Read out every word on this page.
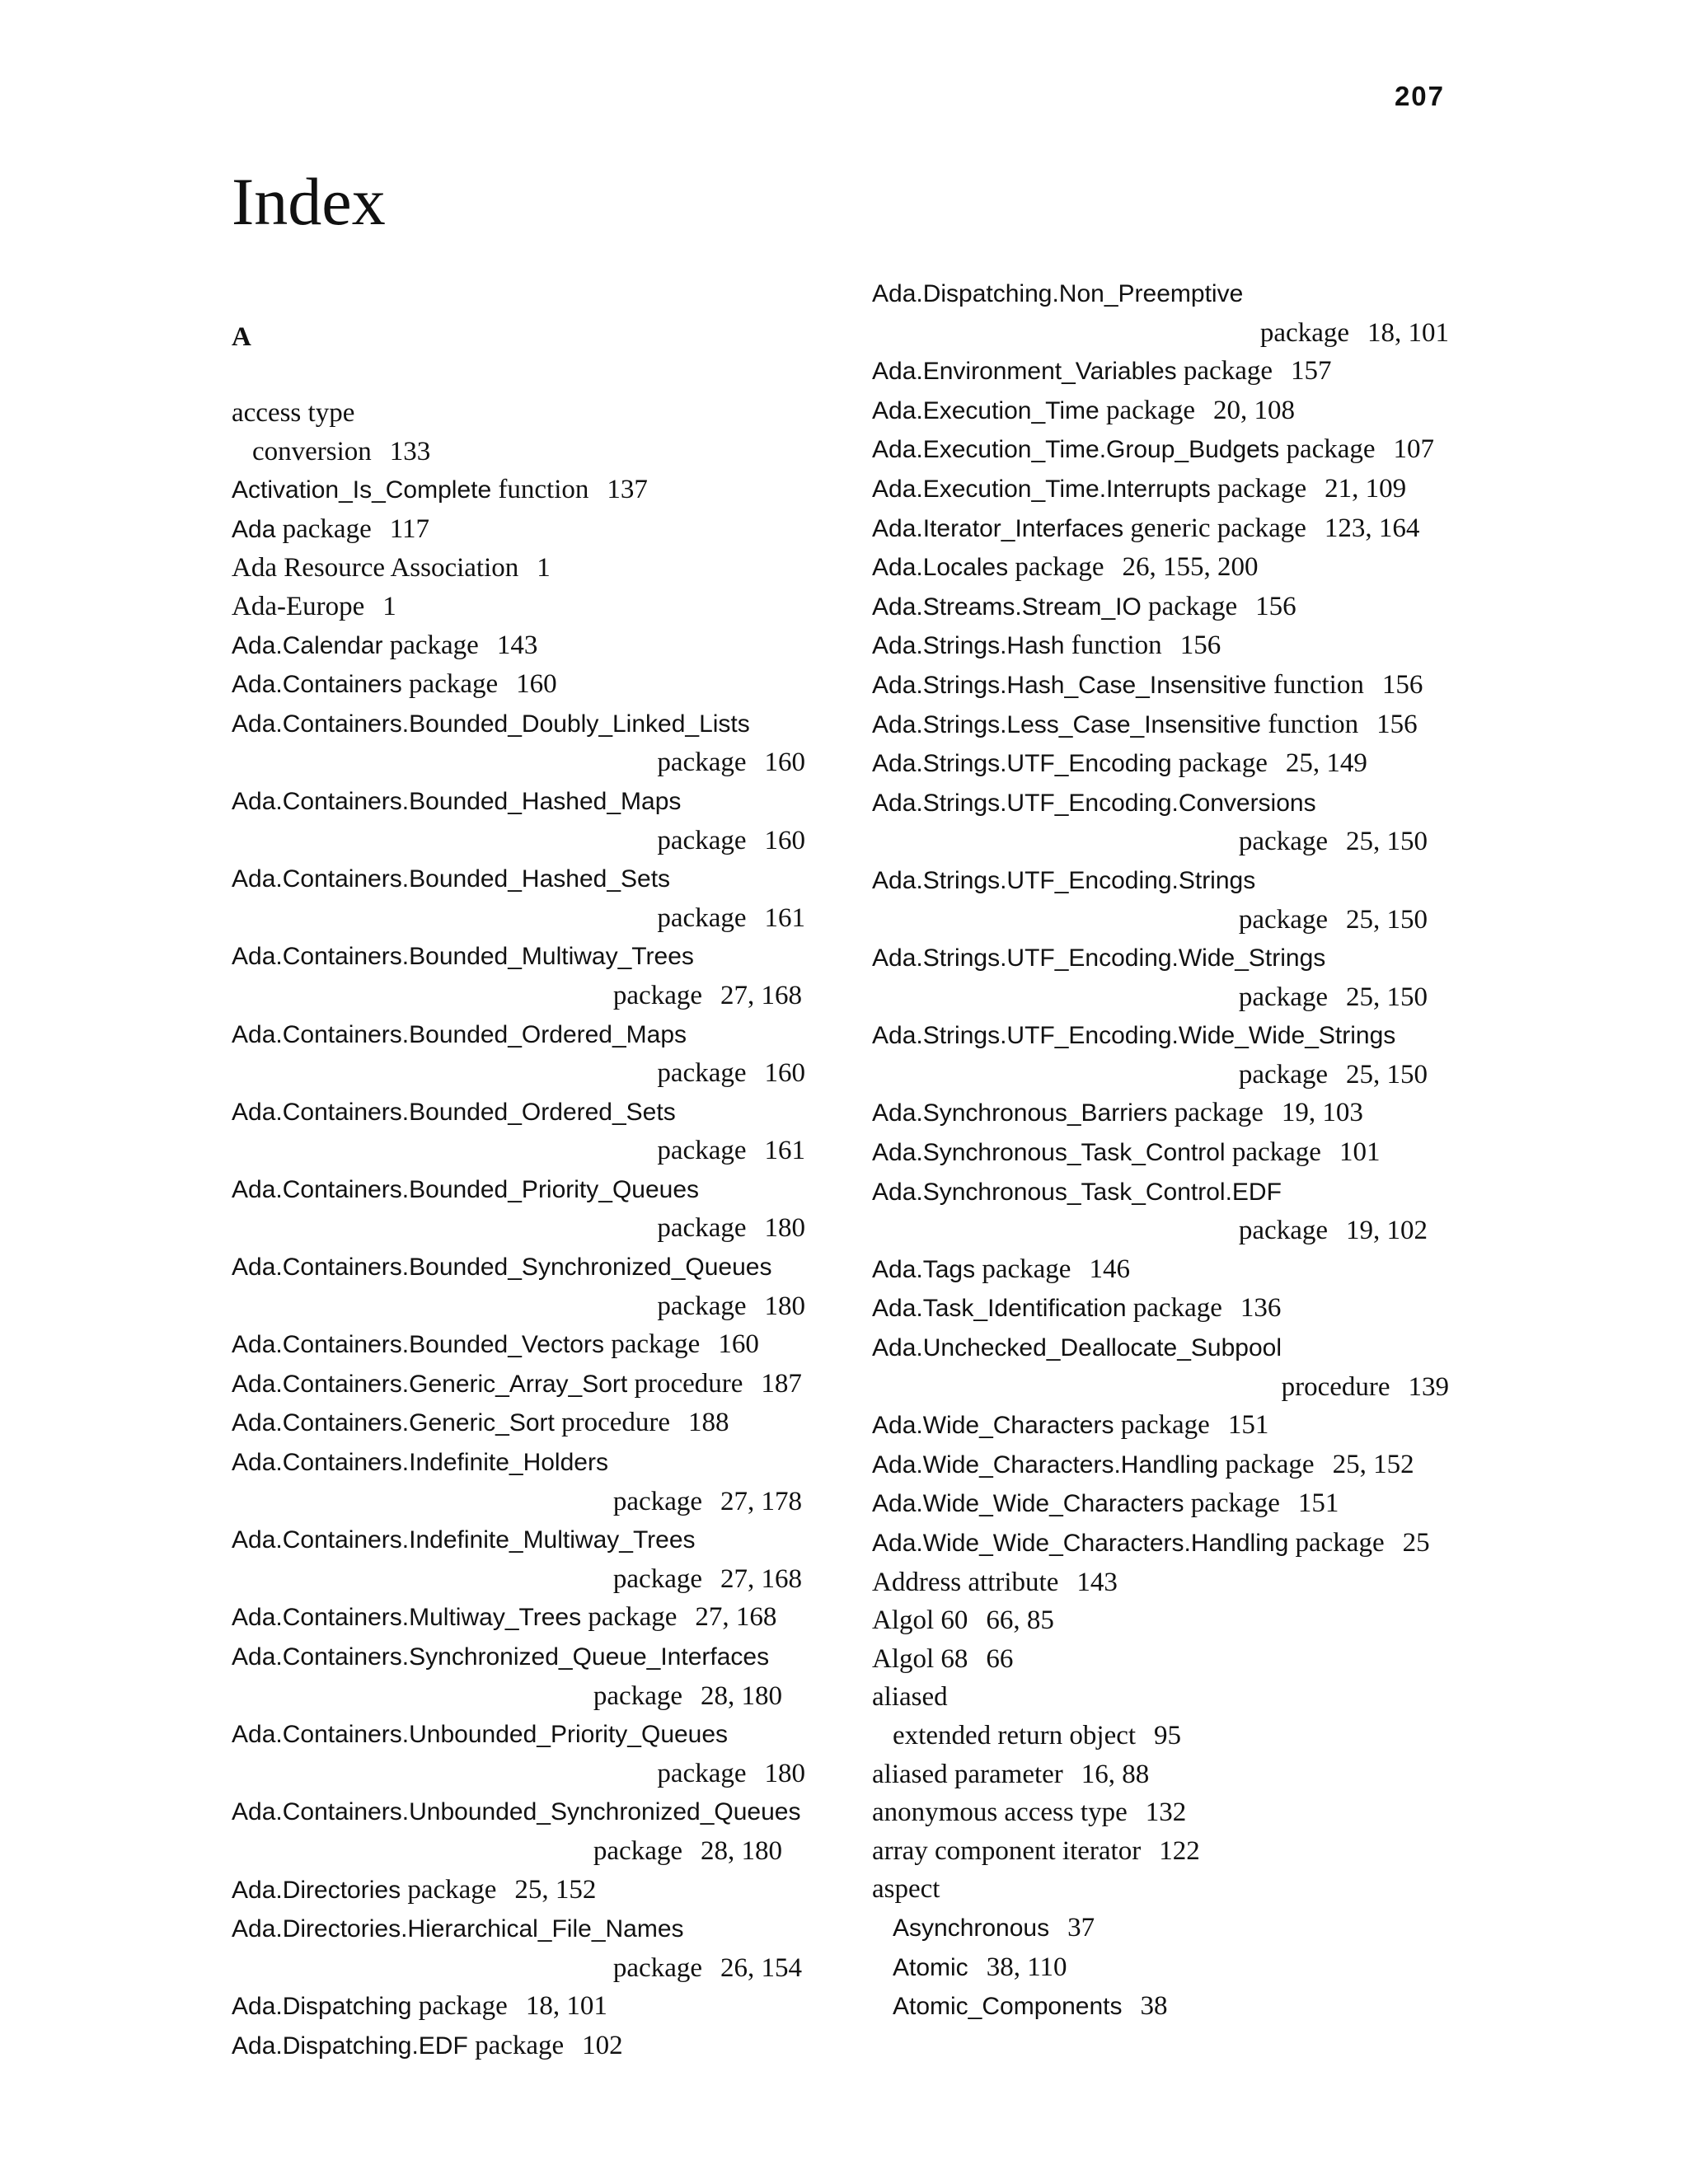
207
Index
A
access type
conversion 133
Activation_Is_Complete function 137
Ada package 117
Ada Resource Association 1
Ada-Europe 1
Ada.Calendar package 143
Ada.Containers package 160
Ada.Containers.Bounded_Doubly_Linked_Lists
package 160
Ada.Containers.Bounded_Hashed_Maps
package 160
Ada.Containers.Bounded_Hashed_Sets
package 161
Ada.Containers.Bounded_Multiway_Trees
package 27, 168
Ada.Containers.Bounded_Ordered_Maps
package 160
Ada.Containers.Bounded_Ordered_Sets
package 161
Ada.Containers.Bounded_Priority_Queues
package 180
Ada.Containers.Bounded_Synchronized_Queues
package 180
Ada.Containers.Bounded_Vectors package 160
Ada.Containers.Generic_Array_Sort procedure 187
Ada.Containers.Generic_Sort procedure 188
Ada.Containers.Indefinite_Holders
package 27, 178
Ada.Containers.Indefinite_Multiway_Trees
package 27, 168
Ada.Containers.Multiway_Trees package 27, 168
Ada.Containers.Synchronized_Queue_Interfaces
package 28, 180
Ada.Containers.Unbounded_Priority_Queues
package 180
Ada.Containers.Unbounded_Synchronized_Queues
package 28, 180
Ada.Directories package 25, 152
Ada.Directories.Hierarchical_File_Names
package 26, 154
Ada.Dispatching package 18, 101
Ada.Dispatching.EDF package 102
Ada.Dispatching.Non_Preemptive
package 18, 101
Ada.Environment_Variables package 157
Ada.Execution_Time package 20, 108
Ada.Execution_Time.Group_Budgets package 107
Ada.Execution_Time.Interrupts package 21, 109
Ada.Iterator_Interfaces generic package 123, 164
Ada.Locales package 26, 155, 200
Ada.Streams.Stream_IO package 156
Ada.Strings.Hash function 156
Ada.Strings.Hash_Case_Insensitive function 156
Ada.Strings.Less_Case_Insensitive function 156
Ada.Strings.UTF_Encoding package 25, 149
Ada.Strings.UTF_Encoding.Conversions
package 25, 150
Ada.Strings.UTF_Encoding.Strings
package 25, 150
Ada.Strings.UTF_Encoding.Wide_Strings
package 25, 150
Ada.Strings.UTF_Encoding.Wide_Wide_Strings
package 25, 150
Ada.Synchronous_Barriers package 19, 103
Ada.Synchronous_Task_Control package 101
Ada.Synchronous_Task_Control.EDF
package 19, 102
Ada.Tags package 146
Ada.Task_Identification package 136
Ada.Unchecked_Deallocate_Subpool
procedure 139
Ada.Wide_Characters package 151
Ada.Wide_Characters.Handling package 25, 152
Ada.Wide_Wide_Characters package 151
Ada.Wide_Wide_Characters.Handling package 25
Address attribute 143
Algol 60 66, 85
Algol 68 66
aliased
extended return object 95
aliased parameter 16, 88
anonymous access type 132
array component iterator 122
aspect
Asynchronous 37
Atomic 38, 110
Atomic_Components 38
